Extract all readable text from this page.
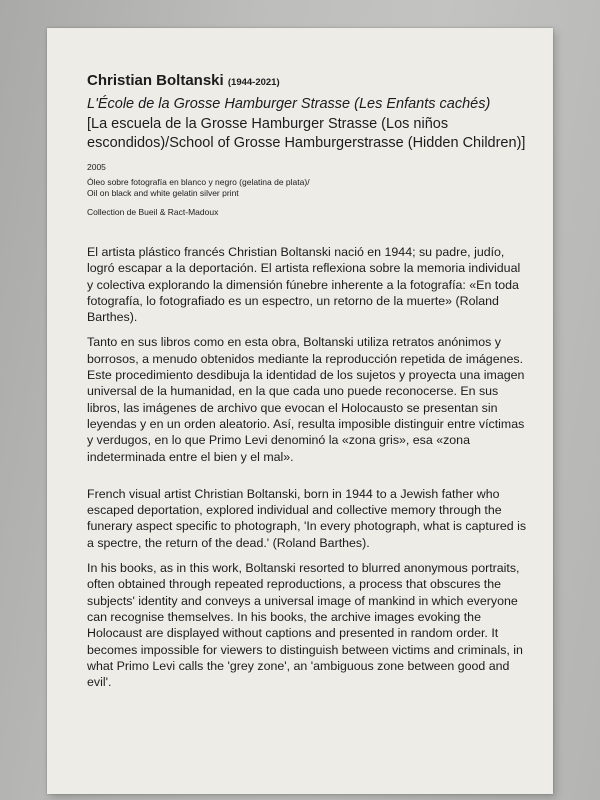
Christian Boltanski (1944-2021)

L'École de la Grosse Hamburger Strasse (Les Enfants cachés)

[La escuela de la Grosse Hamburger Strasse (Los niños escondidos)/School of Grosse Hamburgerstrasse (Hidden Children)]

2005

Óleo sobre fotografía en blanco y negro (gelatina de plata)/

Oil on black and white gelatin silver print

Collection de Bueil & Ract-Madoux

El artista plástico francés Christian Boltanski nació en 1944; su padre, judío, logró escapar a la deportación. El artista reflexiona sobre la memoria individual y colectiva explorando la dimensión fúnebre inherente a la fotografía: «En toda fotografía, lo fotografiado es un espectro, un retorno de la muerte» (Roland Barthes).

Tanto en sus libros como en esta obra, Boltanski utiliza retratos anónimos y borrosos, a menudo obtenidos mediante la reproducción repetida de imágenes. Este procedimiento desdibuja la identidad de los sujetos y proyecta una imagen universal de la humanidad, en la que cada uno puede reconocerse. En sus libros, las imágenes de archivo que evocan el Holocausto se presentan sin leyendas y en un orden aleatorio. Así, resulta imposible distinguir entre víctimas y verdugos, en lo que Primo Levi denominó la «zona gris», esa «zona indeterminada entre el bien y el mal».

French visual artist Christian Boltanski, born in 1944 to a Jewish father who escaped deportation, explored individual and collective memory through the funerary aspect specific to photograph, 'In every photograph, what is captured is a spectre, the return of the dead.' (Roland Barthes).

In his books, as in this work, Boltanski resorted to blurred anonymous portraits, often obtained through repeated reproductions, a process that obscures the subjects' identity and conveys a universal image of mankind in which everyone can recognise themselves. In his books, the archive images evoking the Holocaust are displayed without captions and presented in random order. It becomes impossible for viewers to distinguish between victims and criminals, in what Primo Levi calls the 'grey zone', an 'ambiguous zone between good and evil'.
